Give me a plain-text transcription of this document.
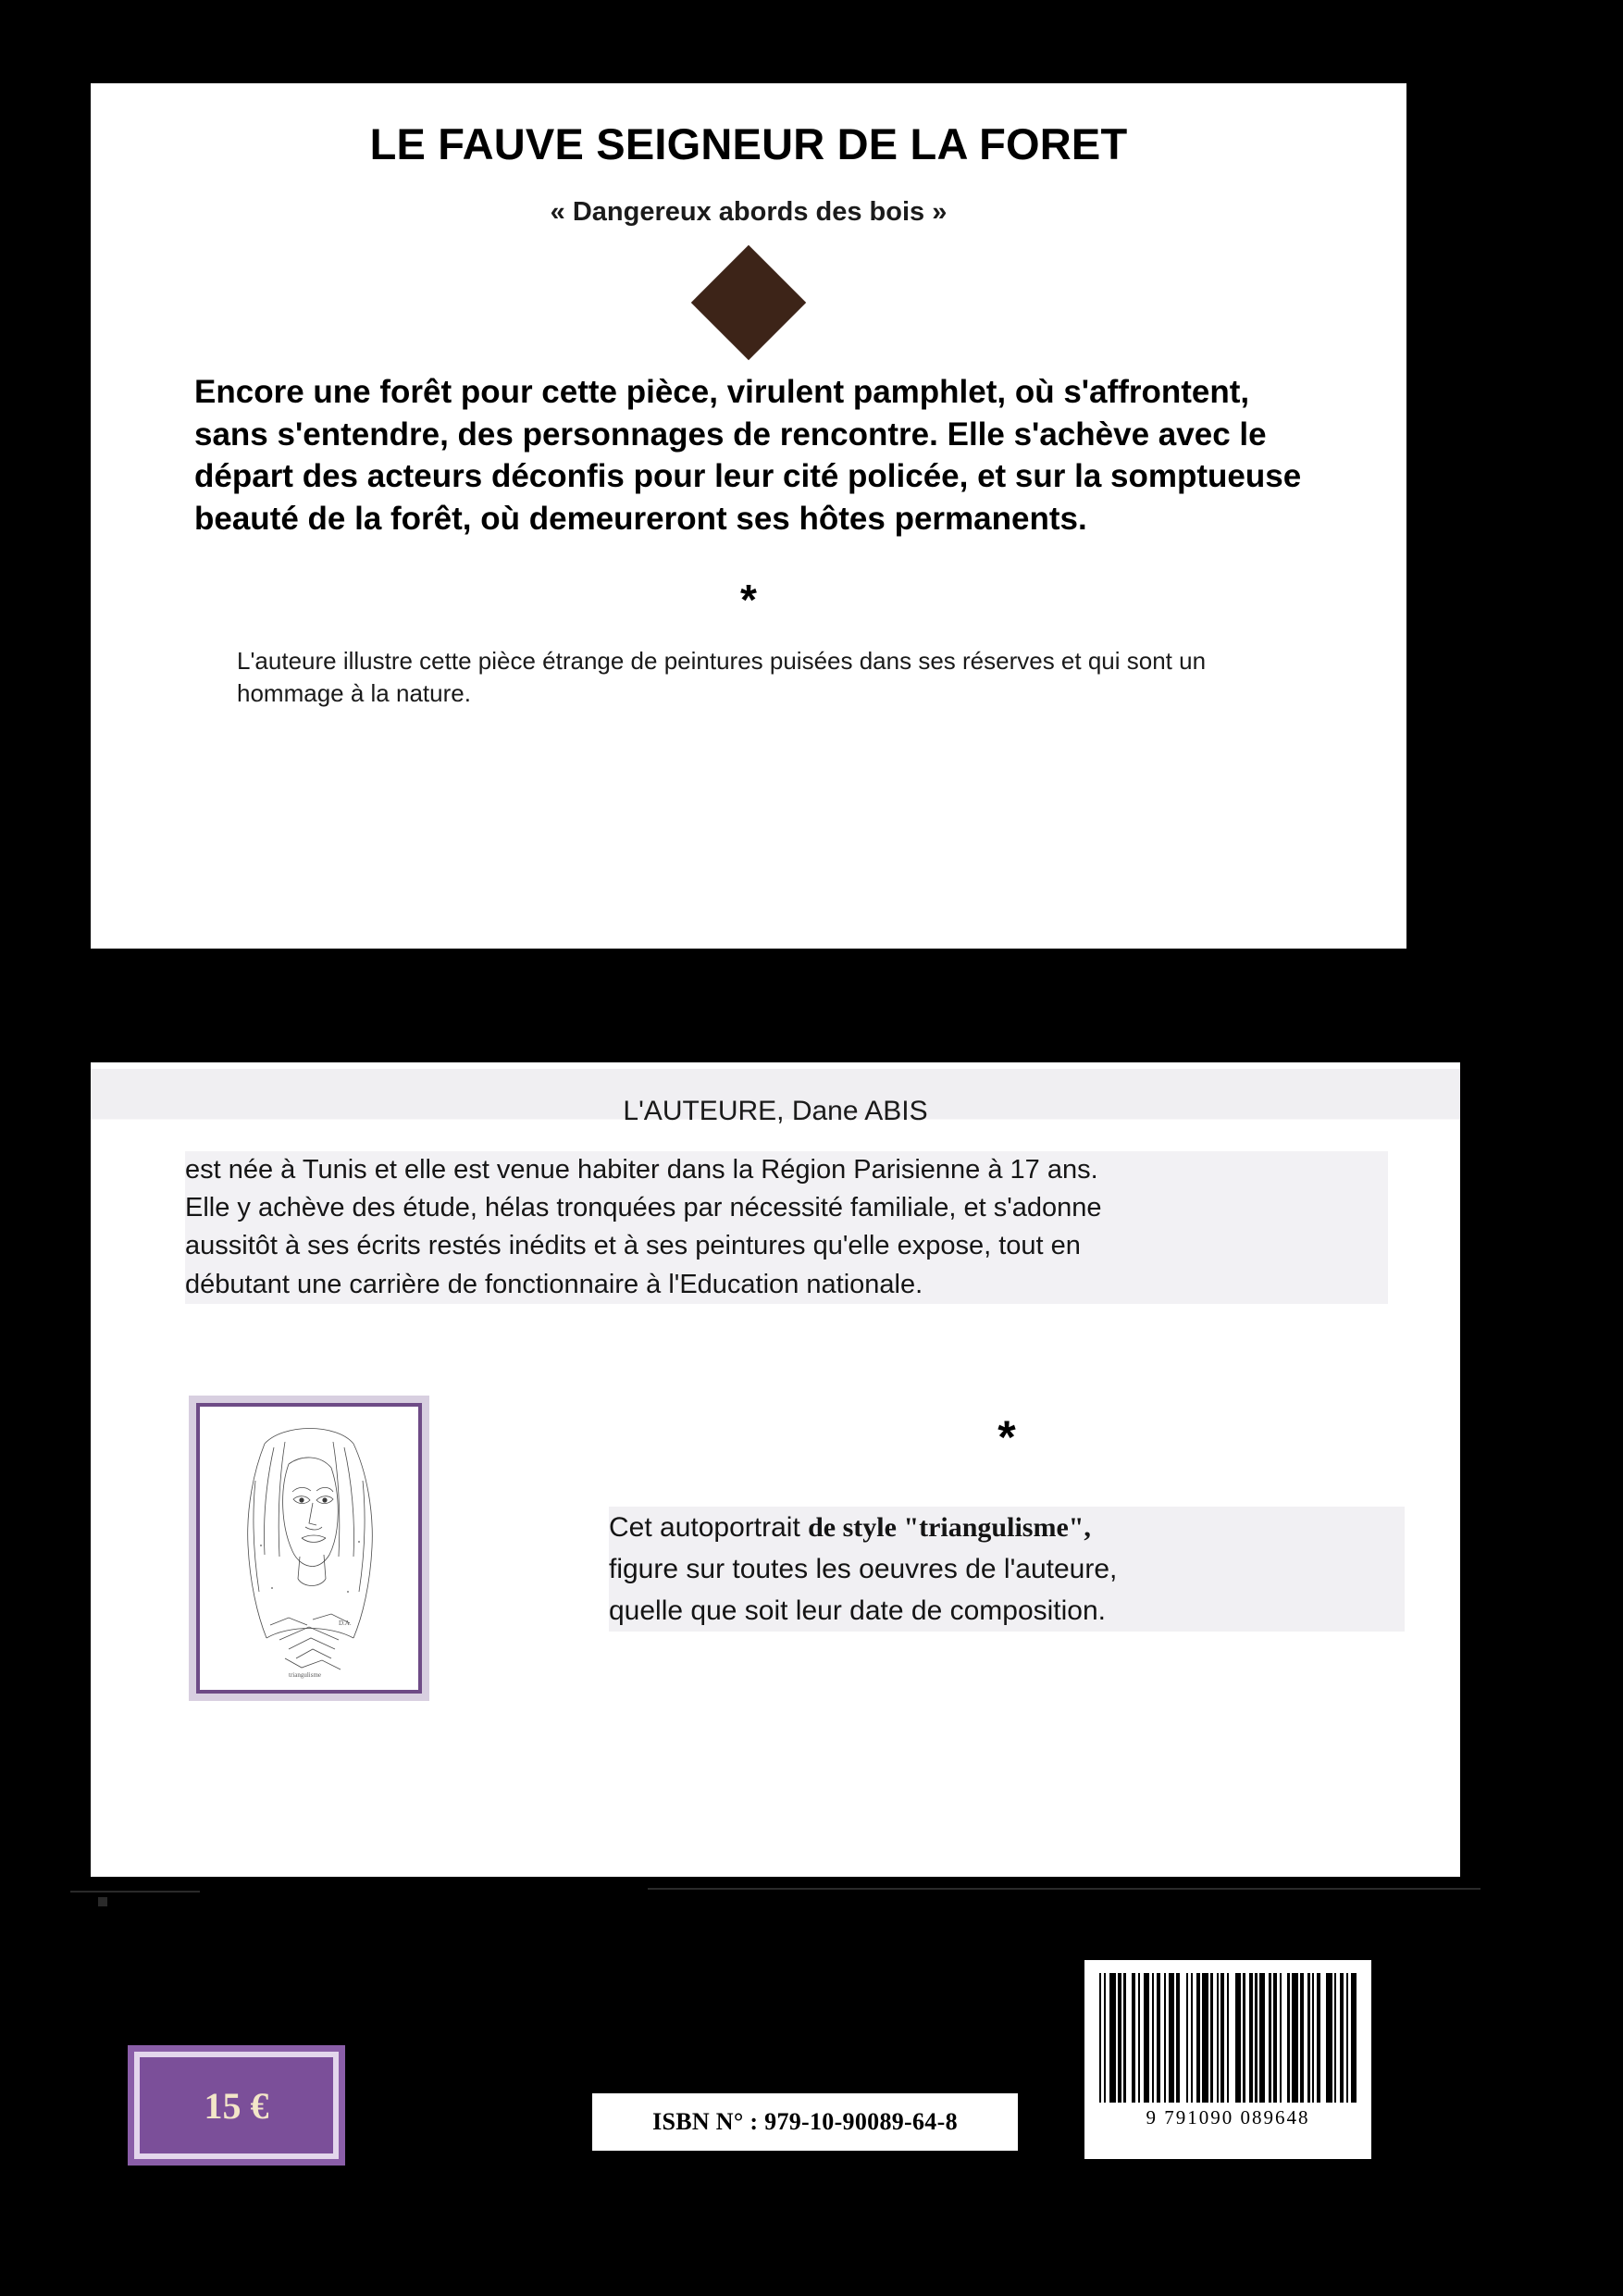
LE FAUVE SEIGNEUR DE LA FORET
« Dangereux abords des bois »

Encore une forêt pour cette pièce, virulent pamphlet, où s'affrontent, sans s'entendre, des personnages de rencontre. Elle s'achève avec le départ des acteurs déconfis pour leur cité policée, et sur la somptueuse beauté de la forêt, où demeureront ses hôtes permanents.

*

L'auteure illustre cette pièce étrange de peintures puisées dans ses réserves et qui sont un hommage à la nature.

L'AUTEURE, Dane ABIS

est née à Tunis et elle est venue habiter dans la Région Parisienne à 17 ans.
Elle y achève des étude, hélas tronquées par nécessité familiale, et s'adonne
aussitôt à ses écrits restés inédits et à ses peintures qu'elle expose, tout en
débutant une carrière de fonctionnaire à l'Education nationale.

D.A.
triangulisme
*

Cet autoportrait de style "triangulisme",
figure sur toutes les oeuvres de l'auteure,
quelle que soit leur date de composition.

15 €	ISBN N° : 979-10-90089-64-8	9 791090 089648
